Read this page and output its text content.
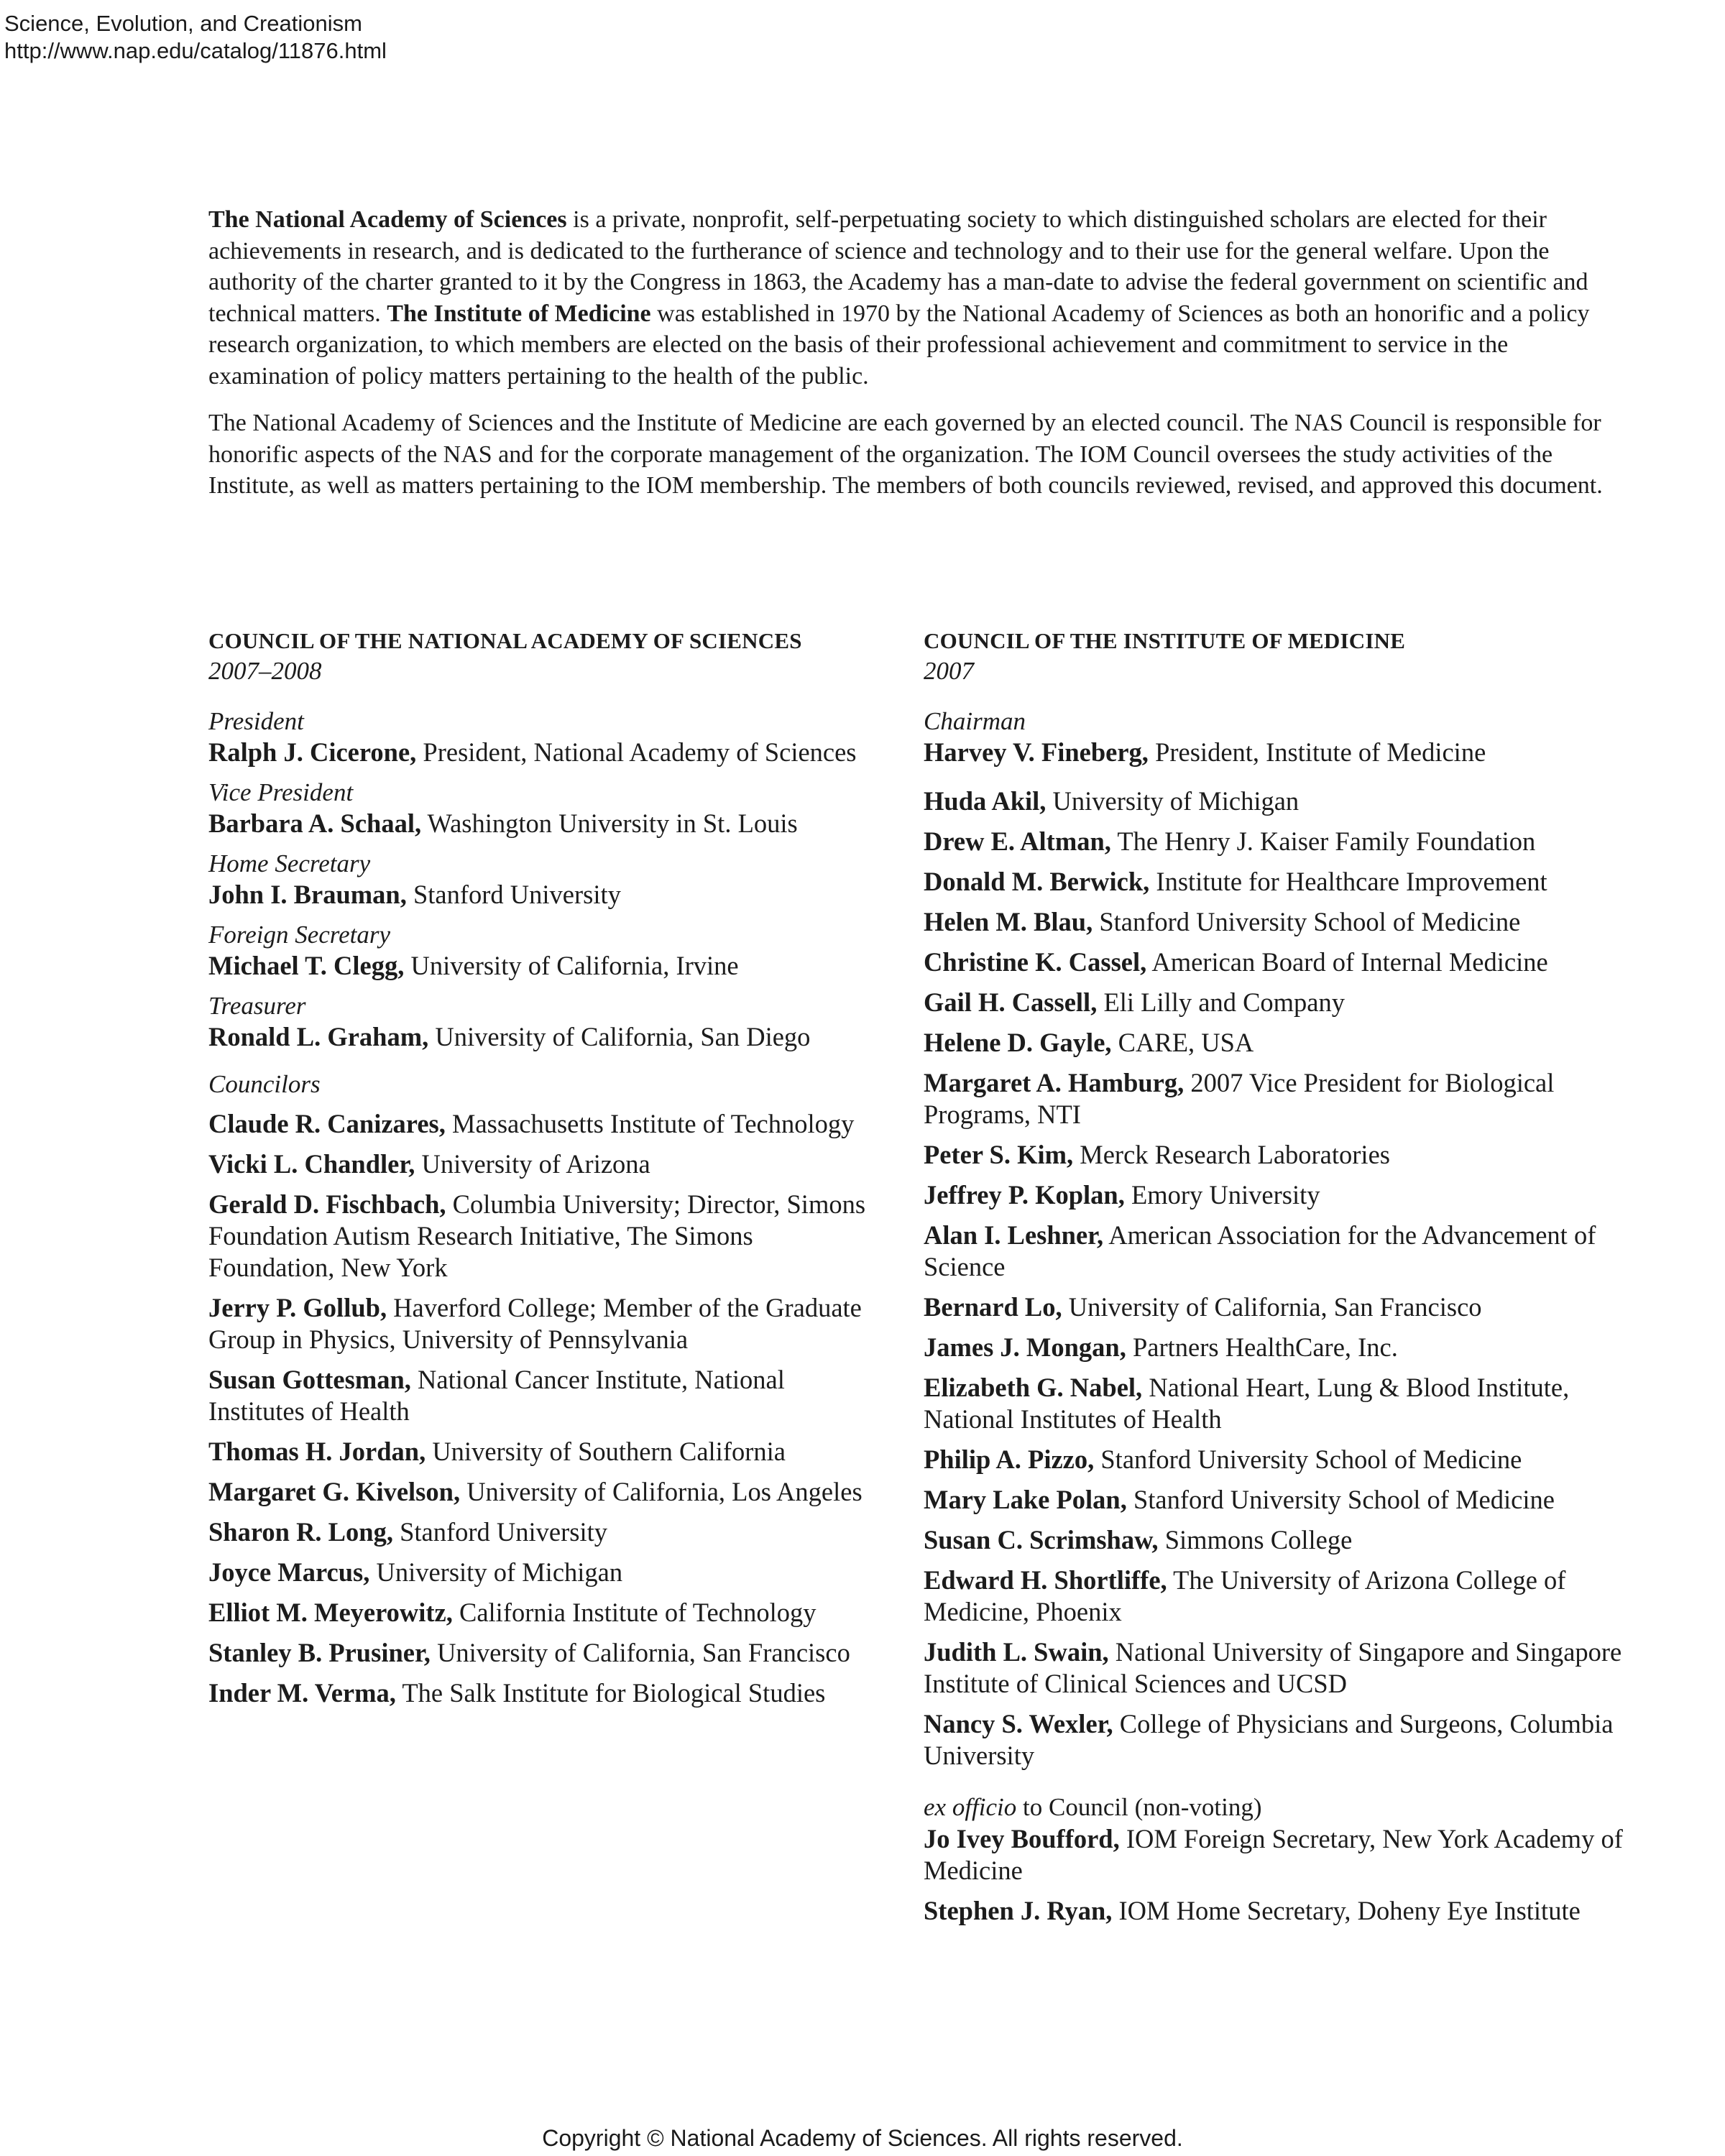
Science, Evolution, and Creationism
http://www.nap.edu/catalog/11876.html

The National Academy of Sciences is a private, nonprofit, self-perpetuating society to which distinguished scholars are elected for their achievements in research, and is dedicated to the furtherance of science and technology and to their use for the general welfare. Upon the authority of the charter granted to it by the Congress in 1863, the Academy has a man-date to advise the federal government on scientific and technical matters. The Institute of Medicine was established in 1970 by the National Academy of Sciences as both an honorific and a policy research organization, to which members are elected on the basis of their professional achievement and commitment to service in the examination of policy matters pertaining to the health of the public.

The National Academy of Sciences and the Institute of Medicine are each governed by an elected council. The NAS Council is responsible for honorific aspects of the NAS and for the corporate management of the organization. The IOM Council oversees the study activities of the Institute, as well as matters pertaining to the IOM membership. The members of both councils reviewed, revised, and approved this document.

COUNCIL OF THE NATIONAL ACADEMY OF SCIENCES
2007–2008
President
Ralph J. Cicerone, President, National Academy of Sciences
Vice President
Barbara A. Schaal, Washington University in St. Louis
Home Secretary
John I. Brauman, Stanford University
Foreign Secretary
Michael T. Clegg, University of California, Irvine
Treasurer
Ronald L. Graham, University of California, San Diego
Councilors
Claude R. Canizares, Massachusetts Institute of Technology
Vicki L. Chandler, University of Arizona
Gerald D. Fischbach, Columbia University; Director, Simons Foundation Autism Research Initiative, The Simons Foundation, New York
Jerry P. Gollub, Haverford College; Member of the Graduate Group in Physics, University of Pennsylvania
Susan Gottesman, National Cancer Institute, National Institutes of Health
Thomas H. Jordan, University of Southern California
Margaret G. Kivelson, University of California, Los Angeles
Sharon R. Long, Stanford University
Joyce Marcus, University of Michigan
Elliot M. Meyerowitz, California Institute of Technology
Stanley B. Prusiner, University of California, San Francisco
Inder M. Verma, The Salk Institute for Biological Studies
COUNCIL OF THE INSTITUTE OF MEDICINE
2007
Chairman
Harvey V. Fineberg, President, Institute of Medicine
Huda Akil, University of Michigan
Drew E. Altman, The Henry J. Kaiser Family Foundation
Donald M. Berwick, Institute for Healthcare Improvement
Helen M. Blau, Stanford University School of Medicine
Christine K. Cassel, American Board of Internal Medicine
Gail H. Cassell, Eli Lilly and Company
Helene D. Gayle, CARE, USA
Margaret A. Hamburg, 2007 Vice President for Biological Programs, NTI
Peter S. Kim, Merck Research Laboratories
Jeffrey P. Koplan, Emory University
Alan I. Leshner, American Association for the Advancement of Science
Bernard Lo, University of California, San Francisco
James J. Mongan, Partners HealthCare, Inc.
Elizabeth G. Nabel, National Heart, Lung & Blood Institute, National Institutes of Health
Philip A. Pizzo, Stanford University School of Medicine
Mary Lake Polan, Stanford University School of Medicine
Susan C. Scrimshaw, Simmons College
Edward H. Shortliffe, The University of Arizona College of Medicine, Phoenix
Judith L. Swain, National University of Singapore and Singapore Institute of Clinical Sciences and UCSD
Nancy S. Wexler, College of Physicians and Surgeons, Columbia University
ex officio to Council (non-voting)
Jo Ivey Boufford, IOM Foreign Secretary, New York Academy of Medicine
Stephen J. Ryan, IOM Home Secretary, Doheny Eye Institute
Copyright © National Academy of Sciences. All rights reserved.
